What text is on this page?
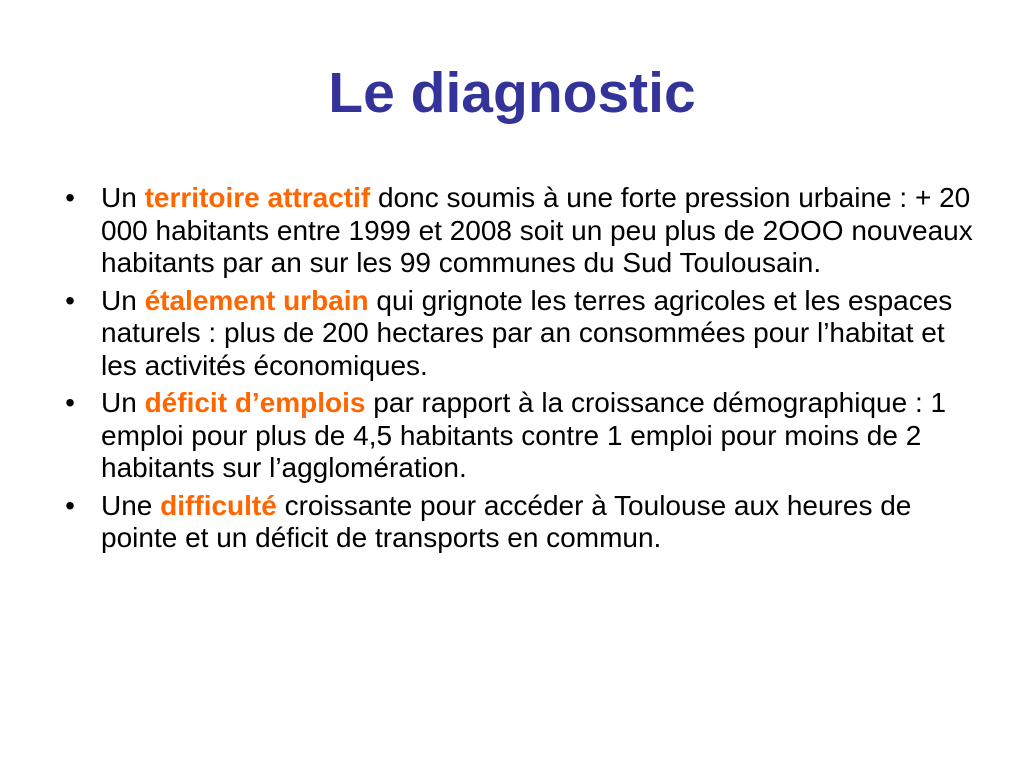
Le diagnostic
• Un territoire attractif donc soumis à une forte pression urbaine : + 20 000 habitants entre 1999 et 2008 soit un peu plus de 2OOO nouveaux habitants par an sur les 99 communes du Sud Toulousain.
• Un étalement urbain qui grignote les terres agricoles et les espaces naturels : plus de 200 hectares par an consommées pour l’habitat et les activités économiques.
• Un déficit d’emplois par rapport à la croissance démographique : 1 emploi pour plus de 4,5 habitants contre 1 emploi pour moins de 2 habitants sur l’agglomération.
• Une difficulté croissante pour accéder à Toulouse aux heures de pointe et un déficit de transports en commun.
